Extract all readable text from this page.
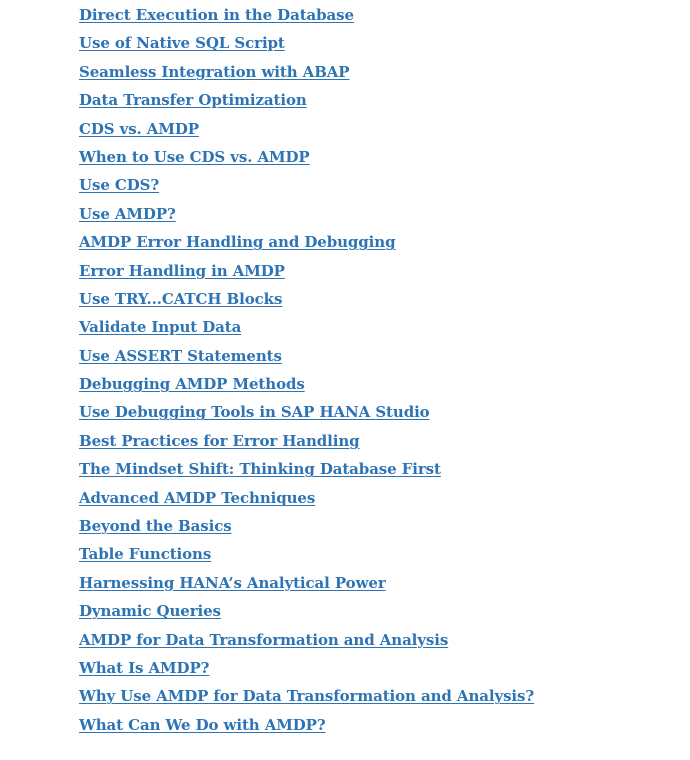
Direct Execution in the Database
Use of Native SQL Script
Seamless Integration with ABAP
Data Transfer Optimization
CDS vs. AMDP
When to Use CDS vs. AMDP
Use CDS?
Use AMDP?
AMDP Error Handling and Debugging
Error Handling in AMDP
Use TRY...CATCH Blocks
Validate Input Data
Use ASSERT Statements
Debugging AMDP Methods
Use Debugging Tools in SAP HANA Studio
Best Practices for Error Handling
The Mindset Shift: Thinking Database First
Advanced AMDP Techniques
Beyond the Basics
Table Functions
Harnessing HANA’s Analytical Power
Dynamic Queries
AMDP for Data Transformation and Analysis
What Is AMDP?
Why Use AMDP for Data Transformation and Analysis?
What Can We Do with AMDP?
